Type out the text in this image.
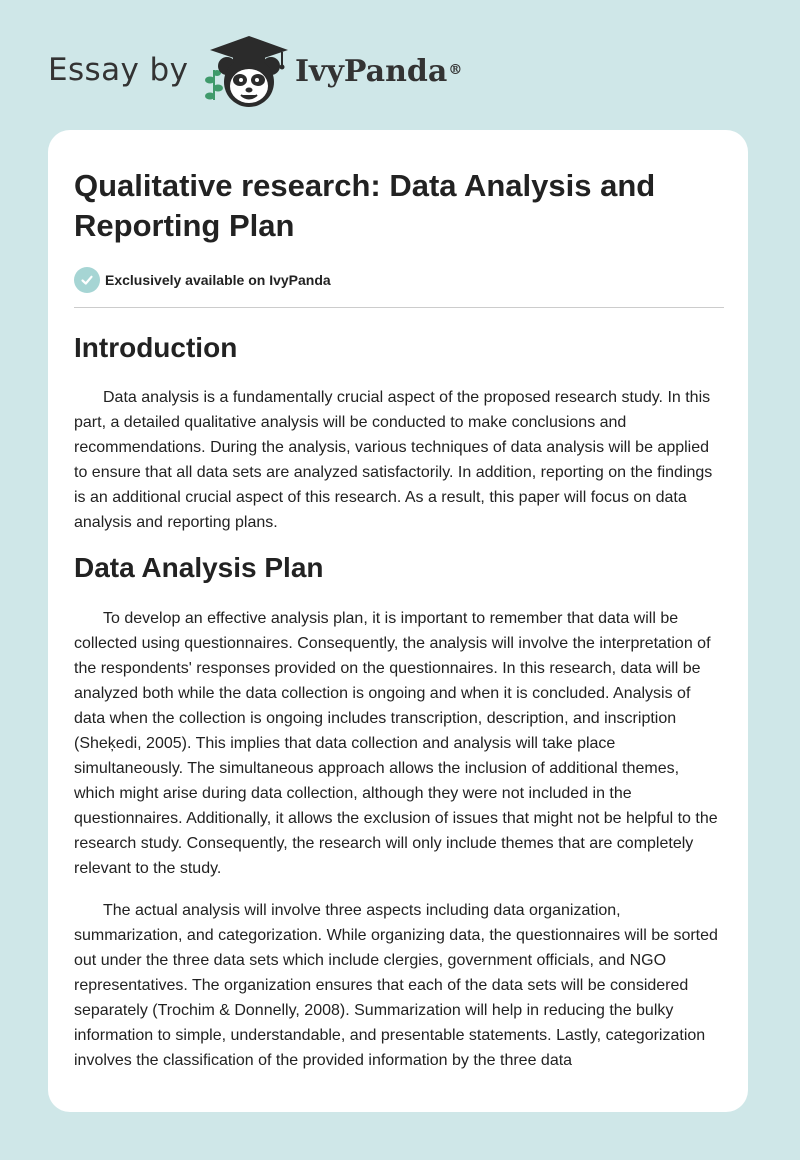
Essay by	IvyPanda®
Qualitative research: Data Analysis and Reporting Plan
Exclusively available on IvyPanda
Introduction

Data analysis is a fundamentally crucial aspect of the proposed research study. In this part, a detailed qualitative analysis will be conducted to make conclusions and recommendations. During the analysis, various techniques of data analysis will be applied to ensure that all data sets are analyzed satisfactorily. In addition, reporting on the findings is an additional crucial aspect of this research. As a result, this paper will focus on data analysis and reporting plans.

Data Analysis Plan

To develop an effective analysis plan, it is important to remember that data will be collected using questionnaires. Consequently, the analysis will involve the interpretation of the respondents' responses provided on the questionnaires. In this research, data will be analyzed both while the data collection is ongoing and when it is concluded. Analysis of data when the collection is ongoing includes transcription, description, and inscription (Sheķedi, 2005). This implies that data collection and analysis will take place simultaneously. The simultaneous approach allows the inclusion of additional themes, which might arise during data collection, although they were not included in the questionnaires. Additionally, it allows the exclusion of issues that might not be helpful to the research study. Consequently, the research will only include themes that are completely relevant to the study.

The actual analysis will involve three aspects including data organization, summarization, and categorization. While organizing data, the questionnaires will be sorted out under the three data sets which include clergies, government officials, and NGO representatives. The organization ensures that each of the data sets will be considered separately (Trochim & Donnelly, 2008). Summarization will help in reducing the bulky information to simple, understandable, and presentable statements. Lastly, categorization involves the classification of the provided information by the three data
